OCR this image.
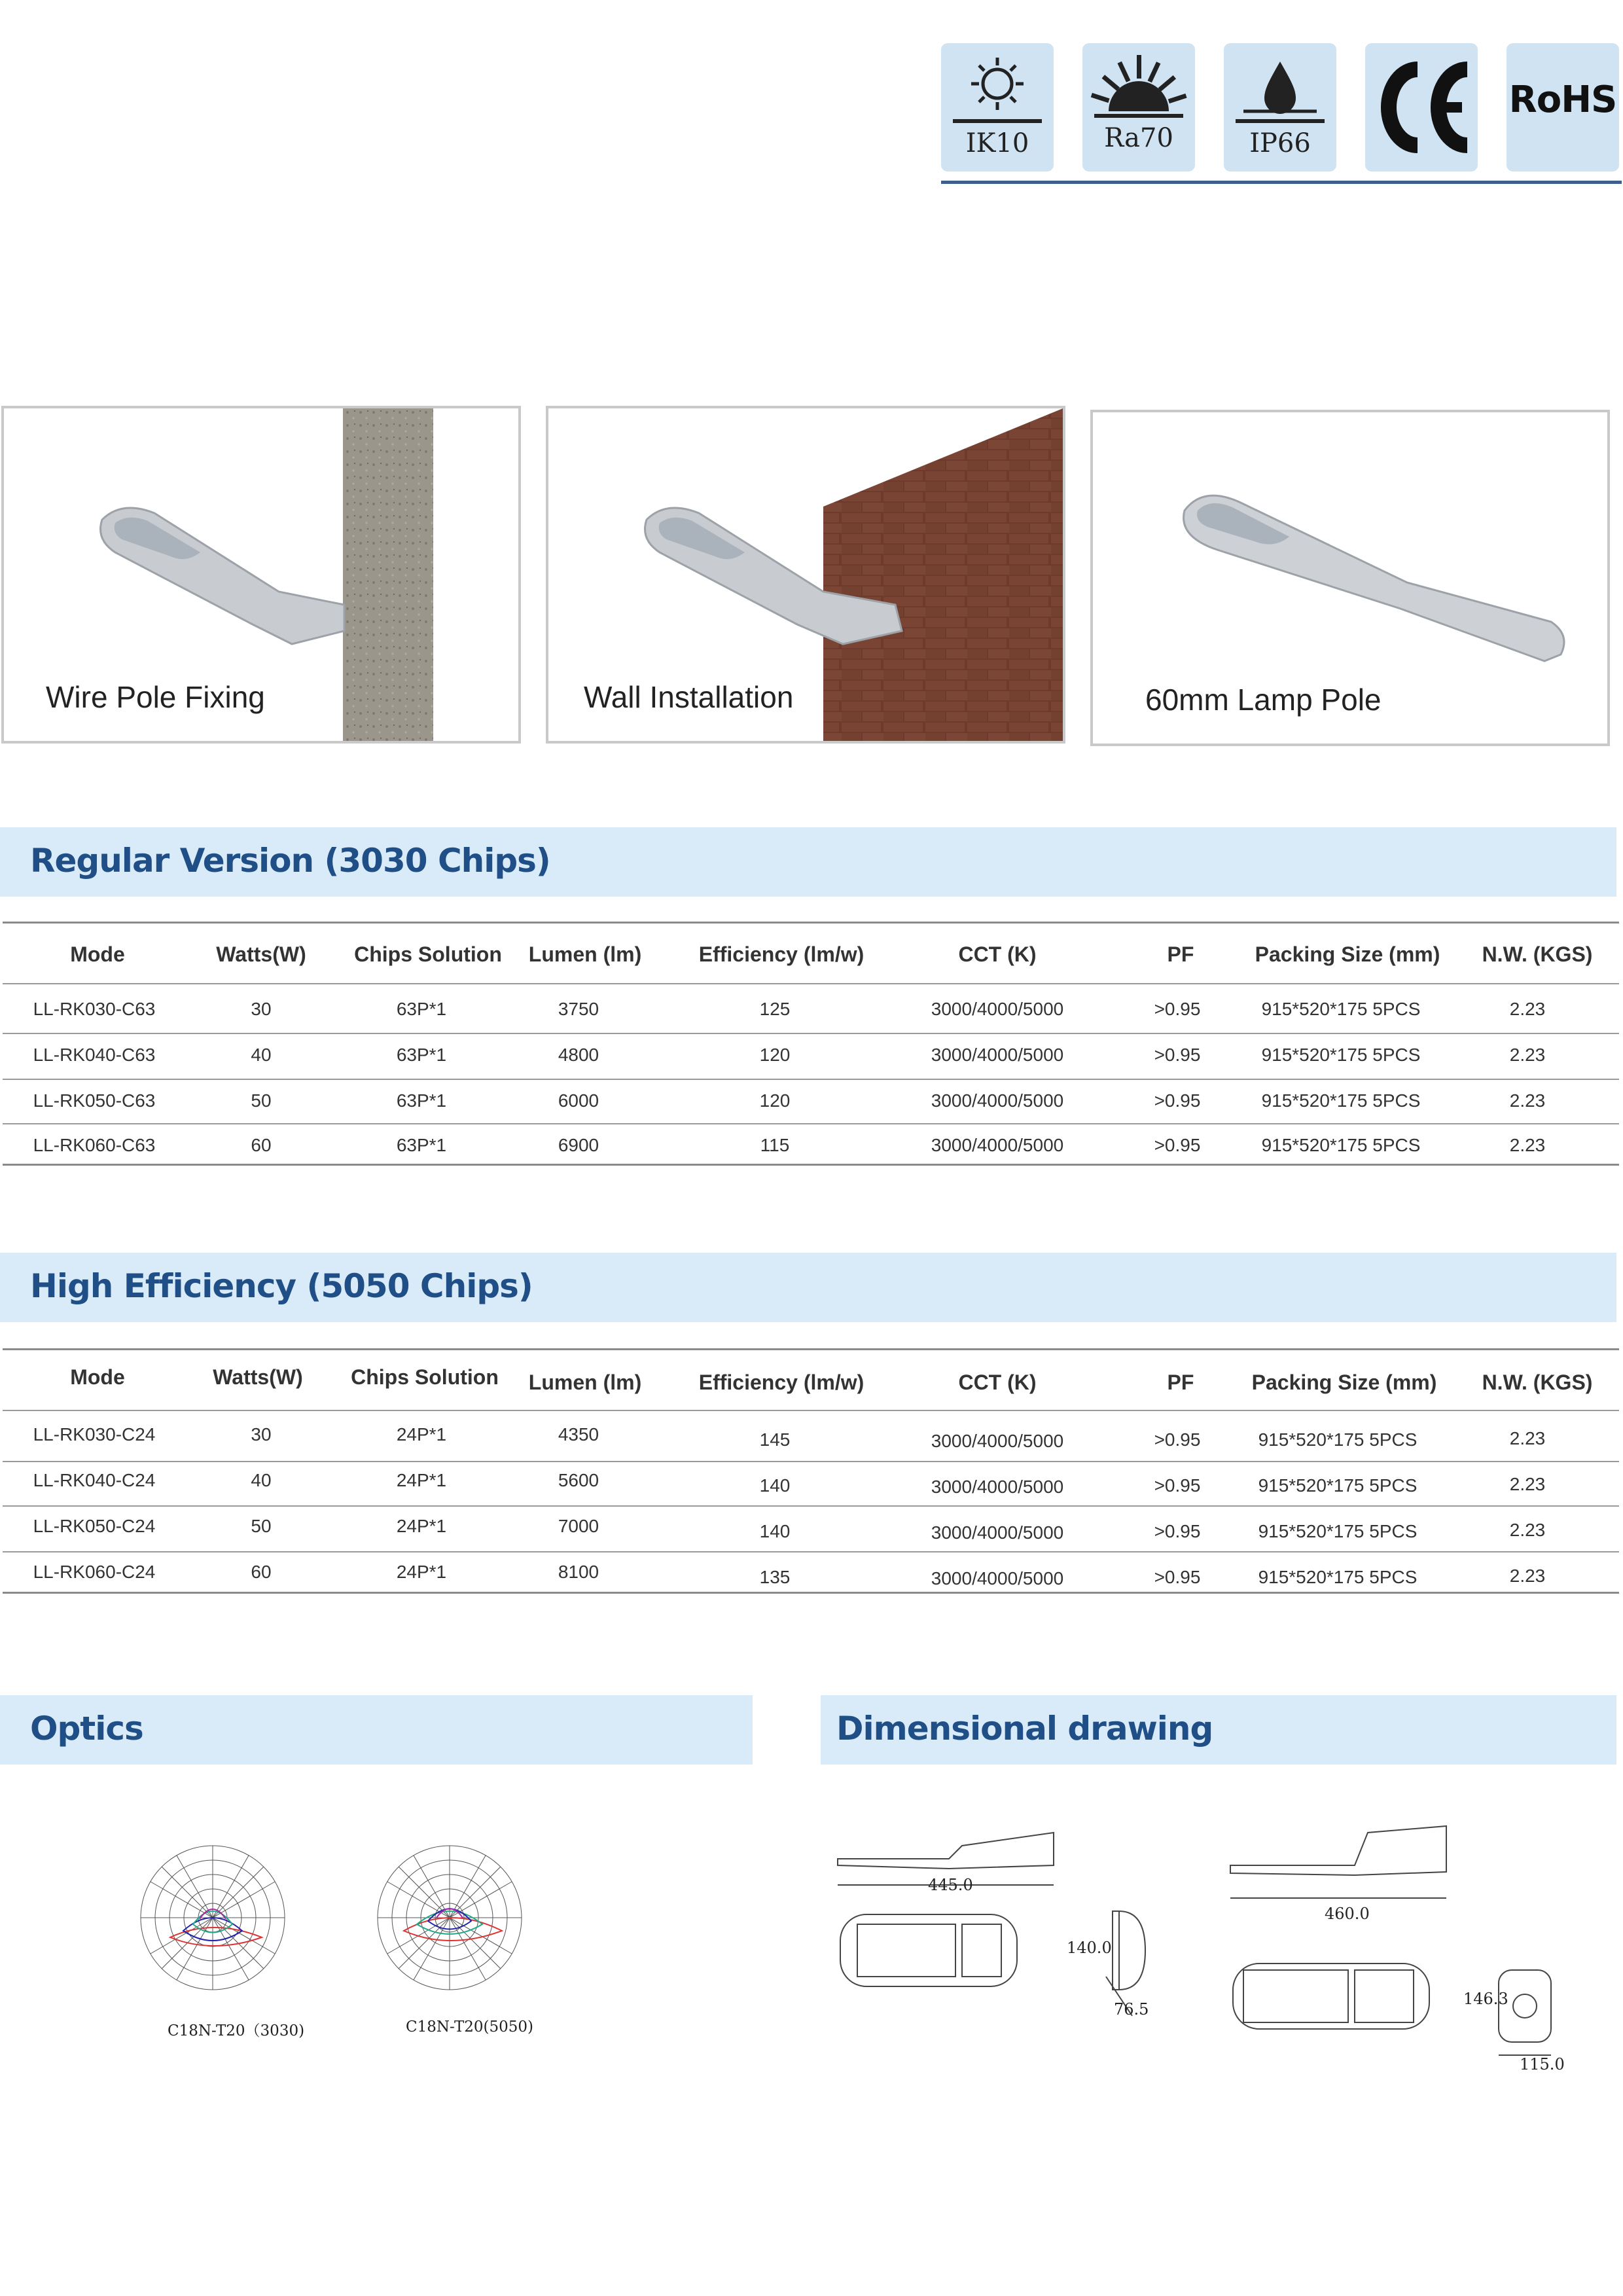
IK10	Ra70	IP66
RoHS
Wire Pole Fixing	Wall Installation	60mm Lamp Pole
Regular Version (3030 Chips)
Mode	Watts(W)	Chips Solution	Lumen (lm)	Efficiency (lm/w)	CCT (K)	PF	Packing Size (mm)	N.W. (KGS)
LL-RK030-C63	30	63P*1	3750	125	3000/4000/5000	>0.95	915*520*175 5PCS	2.23
LL-RK040-C63	40	63P*1	4800	120	3000/4000/5000	>0.95	915*520*175 5PCS	2.23
LL-RK050-C63	50	63P*1	6000	120	3000/4000/5000	>0.95	915*520*175 5PCS	2.23
LL-RK060-C63	60	63P*1	6900	115	3000/4000/5000	>0.95	915*520*175 5PCS	2.23
High Efficiency (5050 Chips)
Mode	Watts(W)	Chips Solution	Lumen (lm)	Efficiency (lm/w)	CCT (K)	PF	Packing Size (mm)	N.W. (KGS)
LL-RK030-C24	30	24P*1	4350	145	3000/4000/5000	>0.95	915*520*175 5PCS	2.23
LL-RK040-C24	40	24P*1	5600	140	3000/4000/5000	>0.95	915*520*175 5PCS	2.23
LL-RK050-C24	50	24P*1	7000	140	3000/4000/5000	>0.95	915*520*175 5PCS	2.23
LL-RK060-C24	60	24P*1	8100	135	3000/4000/5000	>0.95	915*520*175 5PCS	2.23
Optics
C18N-T20（3030)	C18N-T20(5050)
Dimensional drawing
445.0
140.0
76.5
460.0
146.3
115.0
